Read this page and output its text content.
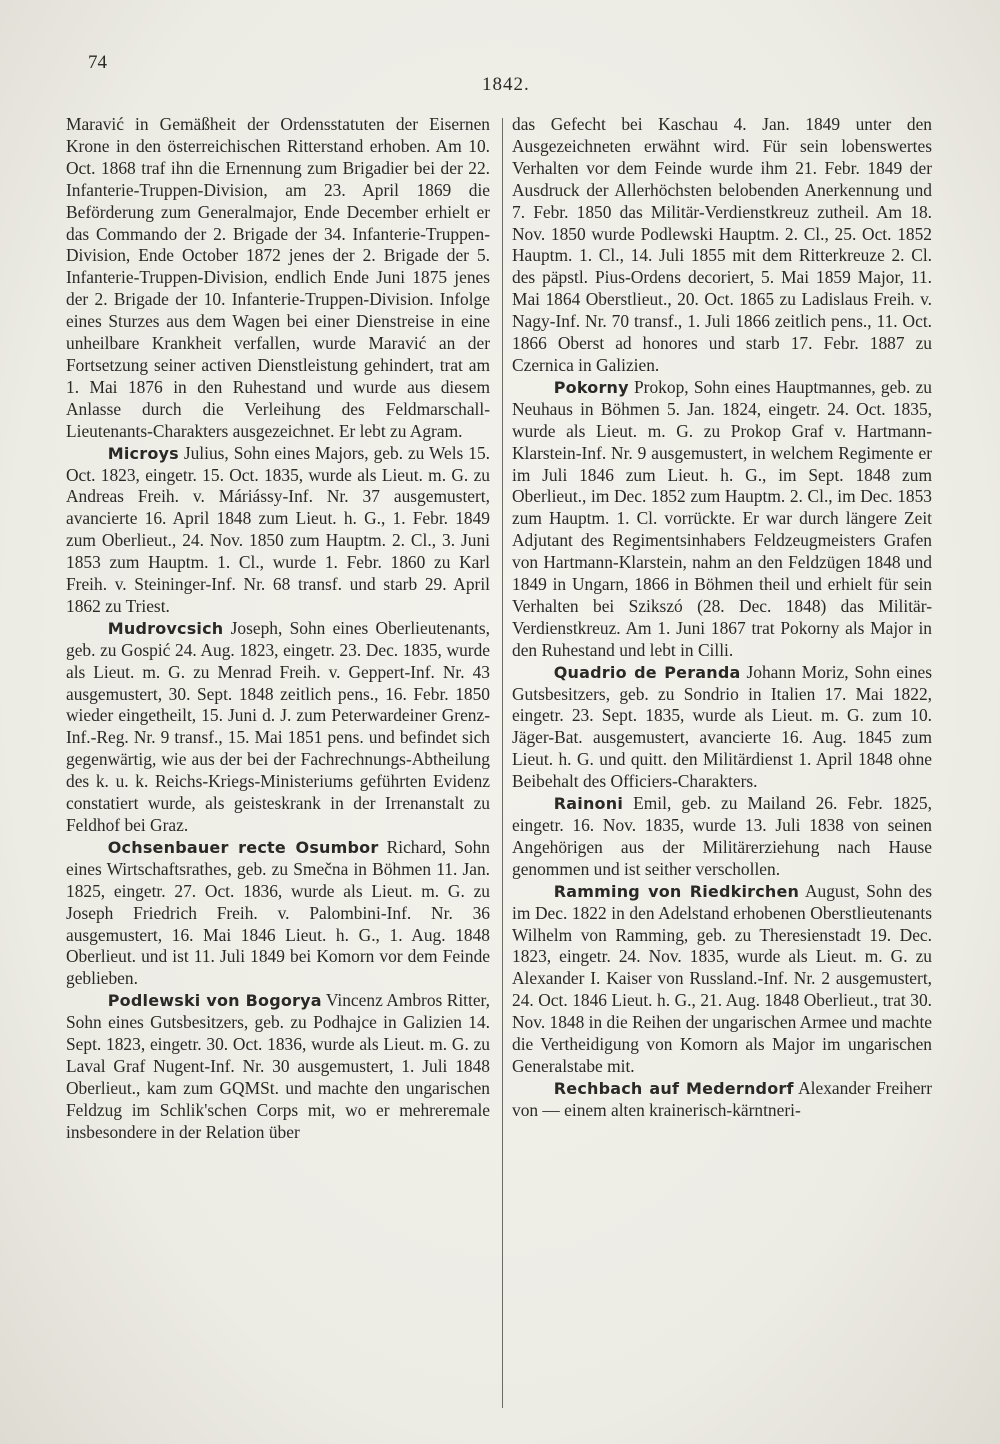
74
1842.

Maravić in Gemäßheit der Ordensstatuten der Eisernen Krone in den österreichischen Ritterstand erhoben. Am 10. Oct. 1868 traf ihn die Ernennung zum Brigadier bei der 22. Infanterie-Truppen-Division, am 23. April 1869 die Beförderung zum Generalmajor, Ende December erhielt er das Commando der 2. Brigade der 34. Infanterie-Truppen-Division, Ende October 1872 jenes der 2. Brigade der 5. Infanterie-Truppen-Division, endlich Ende Juni 1875 jenes der 2. Brigade der 10. Infanterie-Truppen-Division. Infolge eines Sturzes aus dem Wagen bei einer Dienstreise in eine unheilbare Krankheit verfallen, wurde Maravić an der Fortsetzung seiner activen Dienstleistung gehindert, trat am 1. Mai 1876 in den Ruhestand und wurde aus diesem Anlasse durch die Verleihung des Feldmarschall-Lieutenants-Charakters ausgezeichnet. Er lebt zu Agram.

Microys Julius, Sohn eines Majors, geb. zu Wels 15. Oct. 1823, eingetr. 15. Oct. 1835, wurde als Lieut. m. G. zu Andreas Freih. v. Máriássy-Inf. Nr. 37 ausgemustert, avancierte 16. April 1848 zum Lieut. h. G., 1. Febr. 1849 zum Oberlieut., 24. Nov. 1850 zum Hauptm. 2. Cl., 3. Juni 1853 zum Hauptm. 1. Cl., wurde 1. Febr. 1860 zu Karl Freih. v. Steininger-Inf. Nr. 68 transf. und starb 29. April 1862 zu Triest.

Mudrovcsich Joseph, Sohn eines Oberlieutenants, geb. zu Gospić 24. Aug. 1823, eingetr. 23. Dec. 1835, wurde als Lieut. m. G. zu Menrad Freih. v. Geppert-Inf. Nr. 43 ausgemustert, 30. Sept. 1848 zeitlich pens., 16. Febr. 1850 wieder eingetheilt, 15. Juni d. J. zum Peterwardeiner Grenz-Inf.-Reg. Nr. 9 transf., 15. Mai 1851 pens. und befindet sich gegenwärtig, wie aus der bei der Fachrechnungs-Abtheilung des k. u. k. Reichs-Kriegs-Ministeriums geführten Evidenz constatiert wurde, als geisteskrank in der Irrenanstalt zu Feldhof bei Graz.

Ochsenbauer recte Osumbor Richard, Sohn eines Wirtschaftsrathes, geb. zu Smečna in Böhmen 11. Jan. 1825, eingetr. 27. Oct. 1836, wurde als Lieut. m. G. zu Joseph Friedrich Freih. v. Palombini-Inf. Nr. 36 ausgemustert, 16. Mai 1846 Lieut. h. G., 1. Aug. 1848 Oberlieut. und ist 11. Juli 1849 bei Komorn vor dem Feinde geblieben.

Podlewski von Bogorya Vincenz Ambros Ritter, Sohn eines Gutsbesitzers, geb. zu Podhajce in Galizien 14. Sept. 1823, eingetr. 30. Oct. 1836, wurde als Lieut. m. G. zu Laval Graf Nugent-Inf. Nr. 30 ausgemustert, 1. Juli 1848 Oberlieut., kam zum GQMSt. und machte den ungarischen Feldzug im Schlik'schen Corps mit, wo er mehreremale insbesondere in der Relation über

das Gefecht bei Kaschau 4. Jan. 1849 unter den Ausgezeichneten erwähnt wird. Für sein lobenswertes Verhalten vor dem Feinde wurde ihm 21. Febr. 1849 der Ausdruck der Allerhöchsten belobenden Anerkennung und 7. Febr. 1850 das Militär-Verdienstkreuz zutheil. Am 18. Nov. 1850 wurde Podlewski Hauptm. 2. Cl., 25. Oct. 1852 Hauptm. 1. Cl., 14. Juli 1855 mit dem Ritterkreuze 2. Cl. des päpstl. Pius-Ordens decoriert, 5. Mai 1859 Major, 11. Mai 1864 Oberstlieut., 20. Oct. 1865 zu Ladislaus Freih. v. Nagy-Inf. Nr. 70 transf., 1. Juli 1866 zeitlich pens., 11. Oct. 1866 Oberst ad honores und starb 17. Febr. 1887 zu Czernica in Galizien.

Pokorny Prokop, Sohn eines Hauptmannes, geb. zu Neuhaus in Böhmen 5. Jan. 1824, eingetr. 24. Oct. 1835, wurde als Lieut. m. G. zu Prokop Graf v. Hartmann-Klarstein-Inf. Nr. 9 ausgemustert, in welchem Regimente er im Juli 1846 zum Lieut. h. G., im Sept. 1848 zum Oberlieut., im Dec. 1852 zum Hauptm. 2. Cl., im Dec. 1853 zum Hauptm. 1. Cl. vorrückte. Er war durch längere Zeit Adjutant des Regimentsinhabers Feldzeugmeisters Grafen von Hartmann-Klarstein, nahm an den Feldzügen 1848 und 1849 in Ungarn, 1866 in Böhmen theil und erhielt für sein Verhalten bei Szikszó (28. Dec. 1848) das Militär-Verdienstkreuz. Am 1. Juni 1867 trat Pokorny als Major in den Ruhestand und lebt in Cilli.

Quadrio de Peranda Johann Moriz, Sohn eines Gutsbesitzers, geb. zu Sondrio in Italien 17. Mai 1822, eingetr. 23. Sept. 1835, wurde als Lieut. m. G. zum 10. Jäger-Bat. ausgemustert, avancierte 16. Aug. 1845 zum Lieut. h. G. und quitt. den Militärdienst 1. April 1848 ohne Beibehalt des Officiers-Charakters.

Rainoni Emil, geb. zu Mailand 26. Febr. 1825, eingetr. 16. Nov. 1835, wurde 13. Juli 1838 von seinen Angehörigen aus der Militärerziehung nach Hause genommen und ist seither verschollen.

Ramming von Riedkirchen August, Sohn des im Dec. 1822 in den Adelstand erhobenen Oberstlieutenants Wilhelm von Ramming, geb. zu Theresienstadt 19. Dec. 1823, eingetr. 24. Nov. 1835, wurde als Lieut. m. G. zu Alexander I. Kaiser von Russland.-Inf. Nr. 2 ausgemustert, 24. Oct. 1846 Lieut. h. G., 21. Aug. 1848 Oberlieut., trat 30. Nov. 1848 in die Reihen der ungarischen Armee und machte die Vertheidigung von Komorn als Major im ungarischen Generalstabe mit.

Rechbach auf Mederndorf Alexander Freiherr von — einem alten krainerisch-kärntneri-
